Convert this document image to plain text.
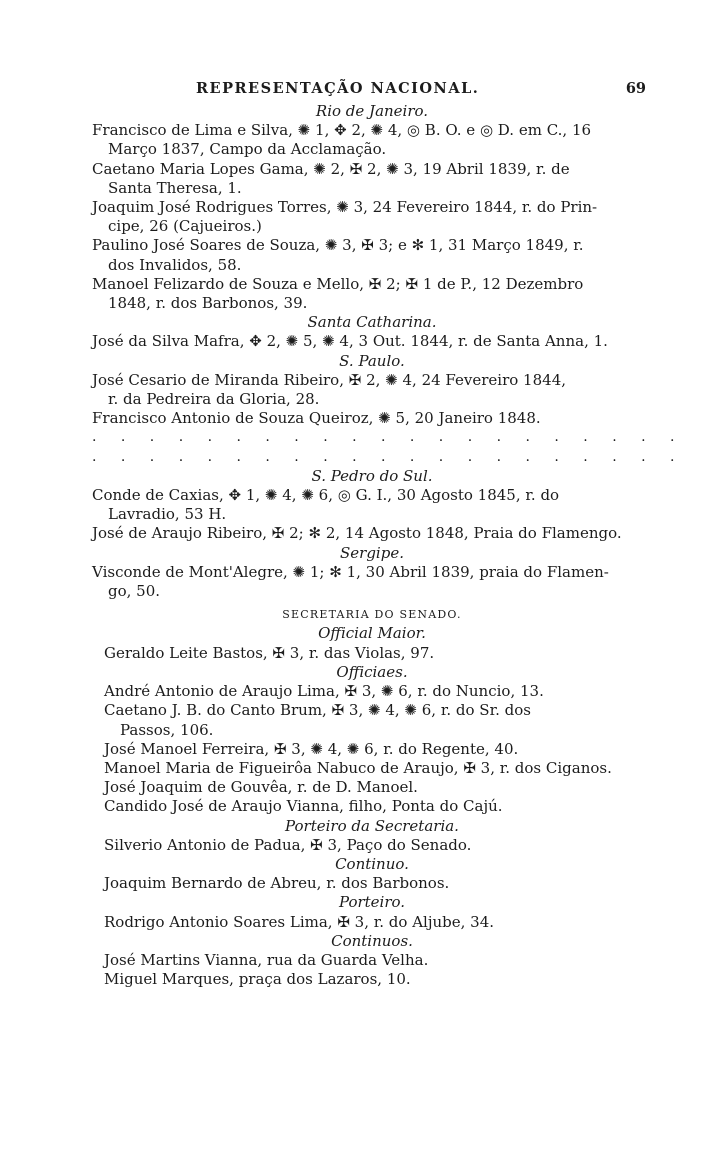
REPRESENTAÇÃO NACIONAL.	69
Rio de Janeiro.
Francisco de Lima e Silva, ✺ 1, ✥ 2, ✺ 4, ◎ B. O. e ◎ D. em C., 16
Março 1837, Campo da Acclamação.
Caetano Maria Lopes Gama, ✺ 2, ✠ 2, ✺ 3, 19 Abril 1839, r. de
Santa Theresa, 1.
Joaquim José Rodrigues Torres, ✺ 3, 24 Fevereiro 1844, r. do Prin-
cipe, 26 (Cajueiros.)
Paulino José Soares de Souza, ✺ 3, ✠ 3; e ✻ 1, 31 Março 1849, r.
dos Invalidos, 58.
Manoel Felizardo de Souza e Mello, ✠ 2; ✠ 1 de P., 12 Dezembro
1848, r. dos Barbonos, 39.
Santa Catharina.
José da Silva Mafra, ✥ 2, ✺ 5, ✺ 4, 3 Out. 1844, r. de Santa Anna, 1.
S. Paulo.
José Cesario de Miranda Ribeiro, ✠ 2, ✺ 4, 24 Fevereiro 1844,
r. da Pedreira da Gloria, 28.
Francisco Antonio de Souza Queiroz, ✺ 5, 20 Janeiro 1848.
. . . . . . . . . . . . . . . . . . . . .
. . . . . . . . . . . . . . . . . . . . .
S. Pedro do Sul.
Conde de Caxias, ✥ 1, ✺ 4, ✺ 6, ◎ G. I., 30 Agosto 1845, r. do
Lavradio, 53 H.
José de Araujo Ribeiro, ✠ 2; ✻ 2, 14 Agosto 1848, Praia do Flamengo.
Sergipe.
Visconde de Mont'Alegre, ✺ 1; ✻ 1, 30 Abril 1839, praia do Flamen-
go, 50.
SECRETARIA DO SENADO.
Official Maior.
Geraldo Leite Bastos, ✠ 3, r. das Violas, 97.
Officiaes.
André Antonio de Araujo Lima, ✠ 3, ✺ 6, r. do Nuncio, 13.
Caetano J. B. do Canto Brum, ✠ 3, ✺ 4, ✺ 6, r. do Sr. dos
Passos, 106.
José Manoel Ferreira, ✠ 3, ✺ 4, ✺ 6, r. do Regente, 40.
Manoel Maria de Figueirôa Nabuco de Araujo, ✠ 3, r. dos Ciganos.
José Joaquim de Gouvêa, r. de D. Manoel.
Candido José de Araujo Vianna, filho, Ponta do Cajú.
Porteiro da Secretaria.
Silverio Antonio de Padua, ✠ 3, Paço do Senado.
Continuo.
Joaquim Bernardo de Abreu, r. dos Barbonos.
Porteiro.
Rodrigo Antonio Soares Lima, ✠ 3, r. do Aljube, 34.
Continuos.
José Martins Vianna, rua da Guarda Velha.
Miguel Marques, praça dos Lazaros, 10.
